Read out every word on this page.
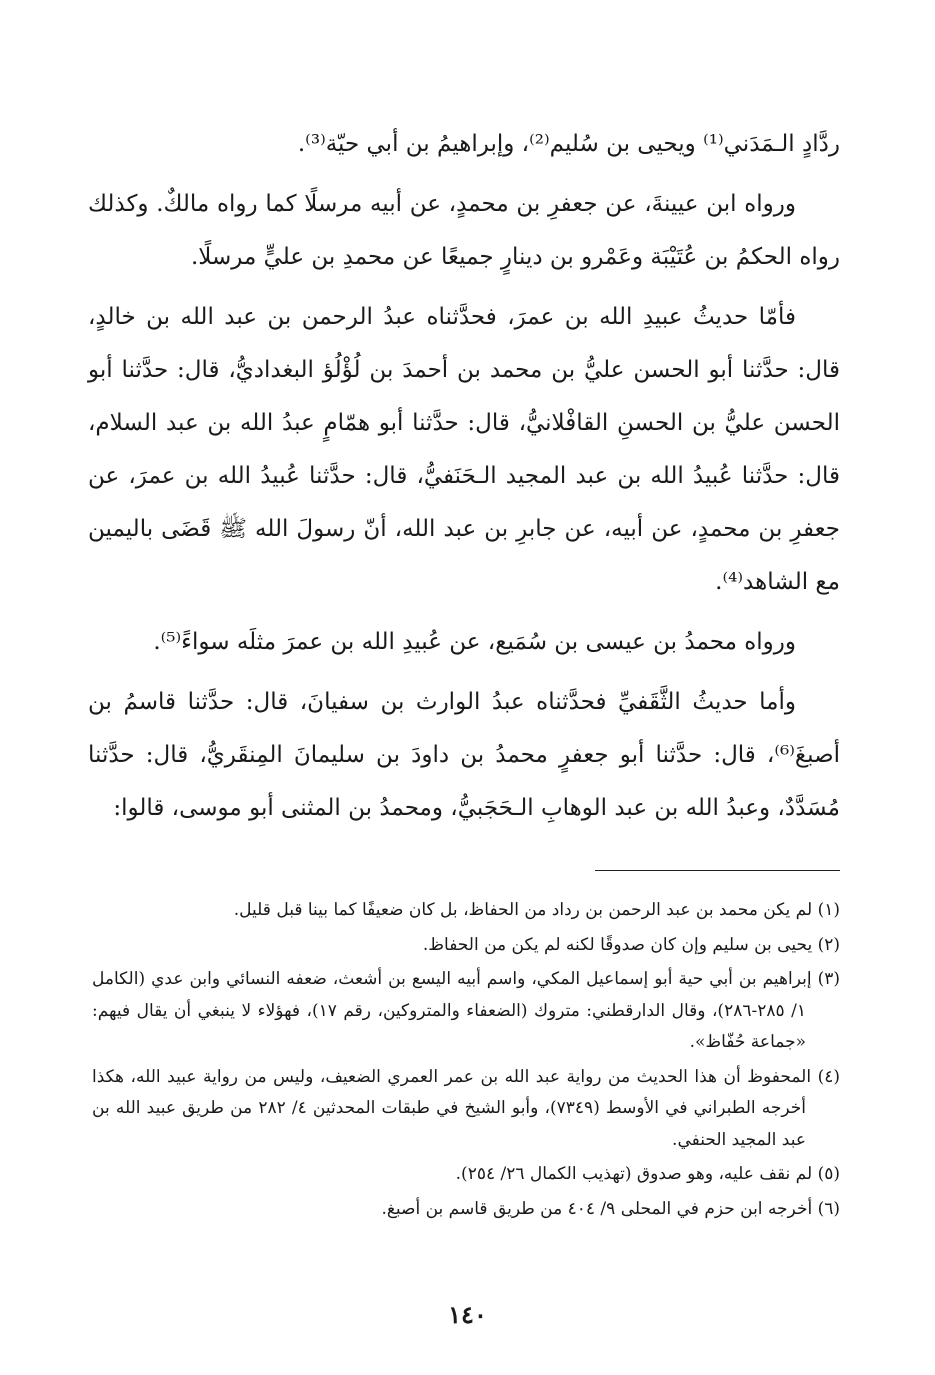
ردَّادٍ الـمَدَني⁽¹⁾ ويحيى بن سُليم⁽²⁾، وإبراهيمُ بن أبي حيّة⁽³⁾.

ورواه ابن عيينةَ، عن جعفرِ بن محمدٍ، عن أبيه مرسلًا كما رواه مالكٌ. وكذلك رواه الحكمُ بن عُتَيْبَة وعَمْرو بن دينارٍ جميعًا عن محمدِ بن عليٍّ مرسلًا.

فأمّا حديثُ عبيدِ الله بن عمرَ، فحدَّثناه عبدُ الرحمن بن عبد الله بن خالدٍ، قال: حدَّثنا أبو الحسن عليُّ بن محمد بن أحمدَ بن لُؤْلُؤ البغداديُّ، قال: حدَّثنا أبو الحسن عليُّ بن الحسنِ القافْلانيُّ، قال: حدَّثنا أبو همّامٍ عبدُ الله بن عبد السلام، قال: حدَّثنا عُبيدُ الله بن عبد المجيد الـحَنَفيُّ، قال: حدَّثنا عُبيدُ الله بن عمرَ، عن جعفرِ بن محمدٍ، عن أبيه، عن جابرِ بن عبد الله، أنّ رسولَ الله ﷺ قَضَى باليمين مع الشاهد⁽⁴⁾.

ورواه محمدُ بن عيسى بن سُمَيع، عن عُبيدِ الله بن عمرَ مثلَه سواءً⁽⁵⁾.

وأما حديثُ الثَّقَفيِّ فحدَّثناه عبدُ الوارث بن سفيانَ، قال: حدَّثنا قاسمُ بن أصبغَ⁽⁶⁾، قال: حدَّثنا أبو جعفرٍ محمدُ بن داودَ بن سليمانَ المِنقَريُّ، قال: حدَّثنا مُسَدَّدٌ، وعبدُ الله بن عبد الوهابِ الـحَجَبيُّ، ومحمدُ بن المثنى أبو موسى، قالوا:

(١) لم يكن محمد بن عبد الرحمن بن رداد من الحفاظ، بل كان ضعيفًا كما بينا قبل قليل.

(٢) يحيى بن سليم وإن كان صدوقًا لكنه لم يكن من الحفاظ.

(٣) إبراهيم بن أبي حية أبو إسماعيل المكي، واسم أبيه اليسع بن أشعث، ضعفه النسائي وابن عدي (الكامل ١/ ٢٨٥-٢٨٦)، وقال الدارقطني: متروك (الضعفاء والمتروكين، رقم ١٧)، فهؤلاء لا ينبغي أن يقال فيهم: «جماعة حُفّاظ».

(٤) المحفوظ أن هذا الحديث من رواية عبد الله بن عمر العمري الضعيف، وليس من رواية عبيد الله، هكذا أخرجه الطبراني في الأوسط (٧٣٤٩)، وأبو الشيخ في طبقات المحدثين ٤/ ٢٨٢ من طريق عبيد الله بن عبد المجيد الحنفي.

(٥) لم نقف عليه، وهو صدوق (تهذيب الكمال ٢٦/ ٢٥٤).

(٦) أخرجه ابن حزم في المحلى ٩/ ٤٠٤ من طريق قاسم بن أصبغ.

١٤٠
